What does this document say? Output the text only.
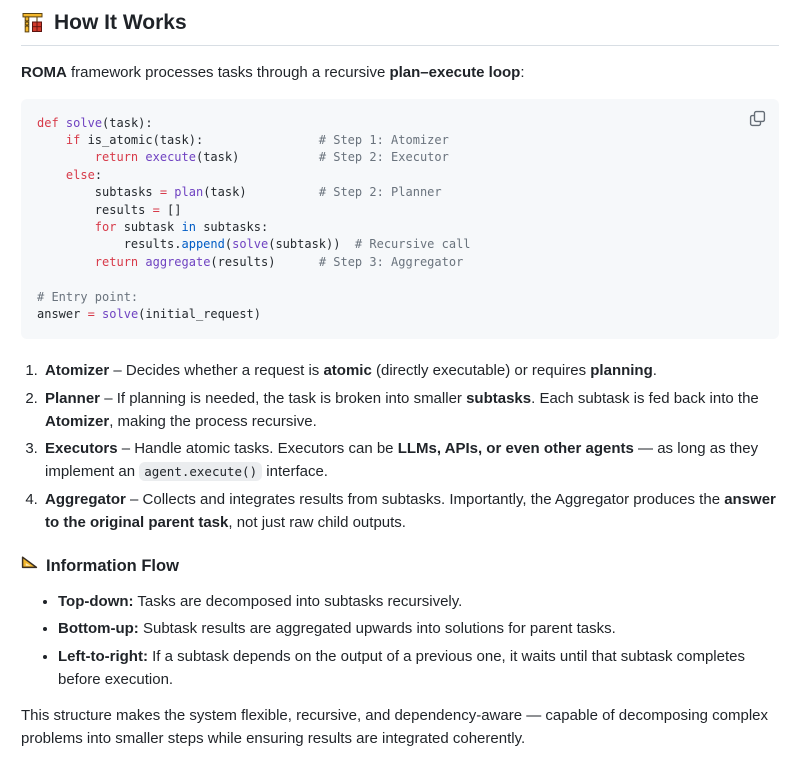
How It Works

ROMA framework processes tasks through a recursive plan–execute loop:

def solve(task):
if is_atomic(task):	# Step 1: Atomizer
return execute(task)	# Step 2: Executor
else:
subtasks = plan(task)	# Step 2: Planner
results = []
for subtask in subtasks:
results.append(solve(subtask)) # Recursive call
return aggregate(results)	# Step 3: Aggregator

# Entry point:
answer = solve(initial_request)
1. Atomizer – Decides whether a request is atomic (directly executable) or requires planning.
2. Planner – If planning is needed, the task is broken into smaller subtasks. Each subtask is fed back into the Atomizer, making the process recursive.
3. Executors – Handle atomic tasks. Executors can be LLMs, APIs, or even other agents — as long as they implement an agent.execute() interface.
4. Aggregator – Collects and integrates results from subtasks. Importantly, the Aggregator produces the answer to the original parent task, not just raw child outputs.
Information Flow
• Top-down: Tasks are decomposed into subtasks recursively.
• Bottom-up: Subtask results are aggregated upwards into solutions for parent tasks.
• Left-to-right: If a subtask depends on the output of a previous one, it waits until that subtask completes before execution.

This structure makes the system flexible, recursive, and dependency-aware — capable of decomposing complex problems into smaller steps while ensuring results are integrated coherently.
